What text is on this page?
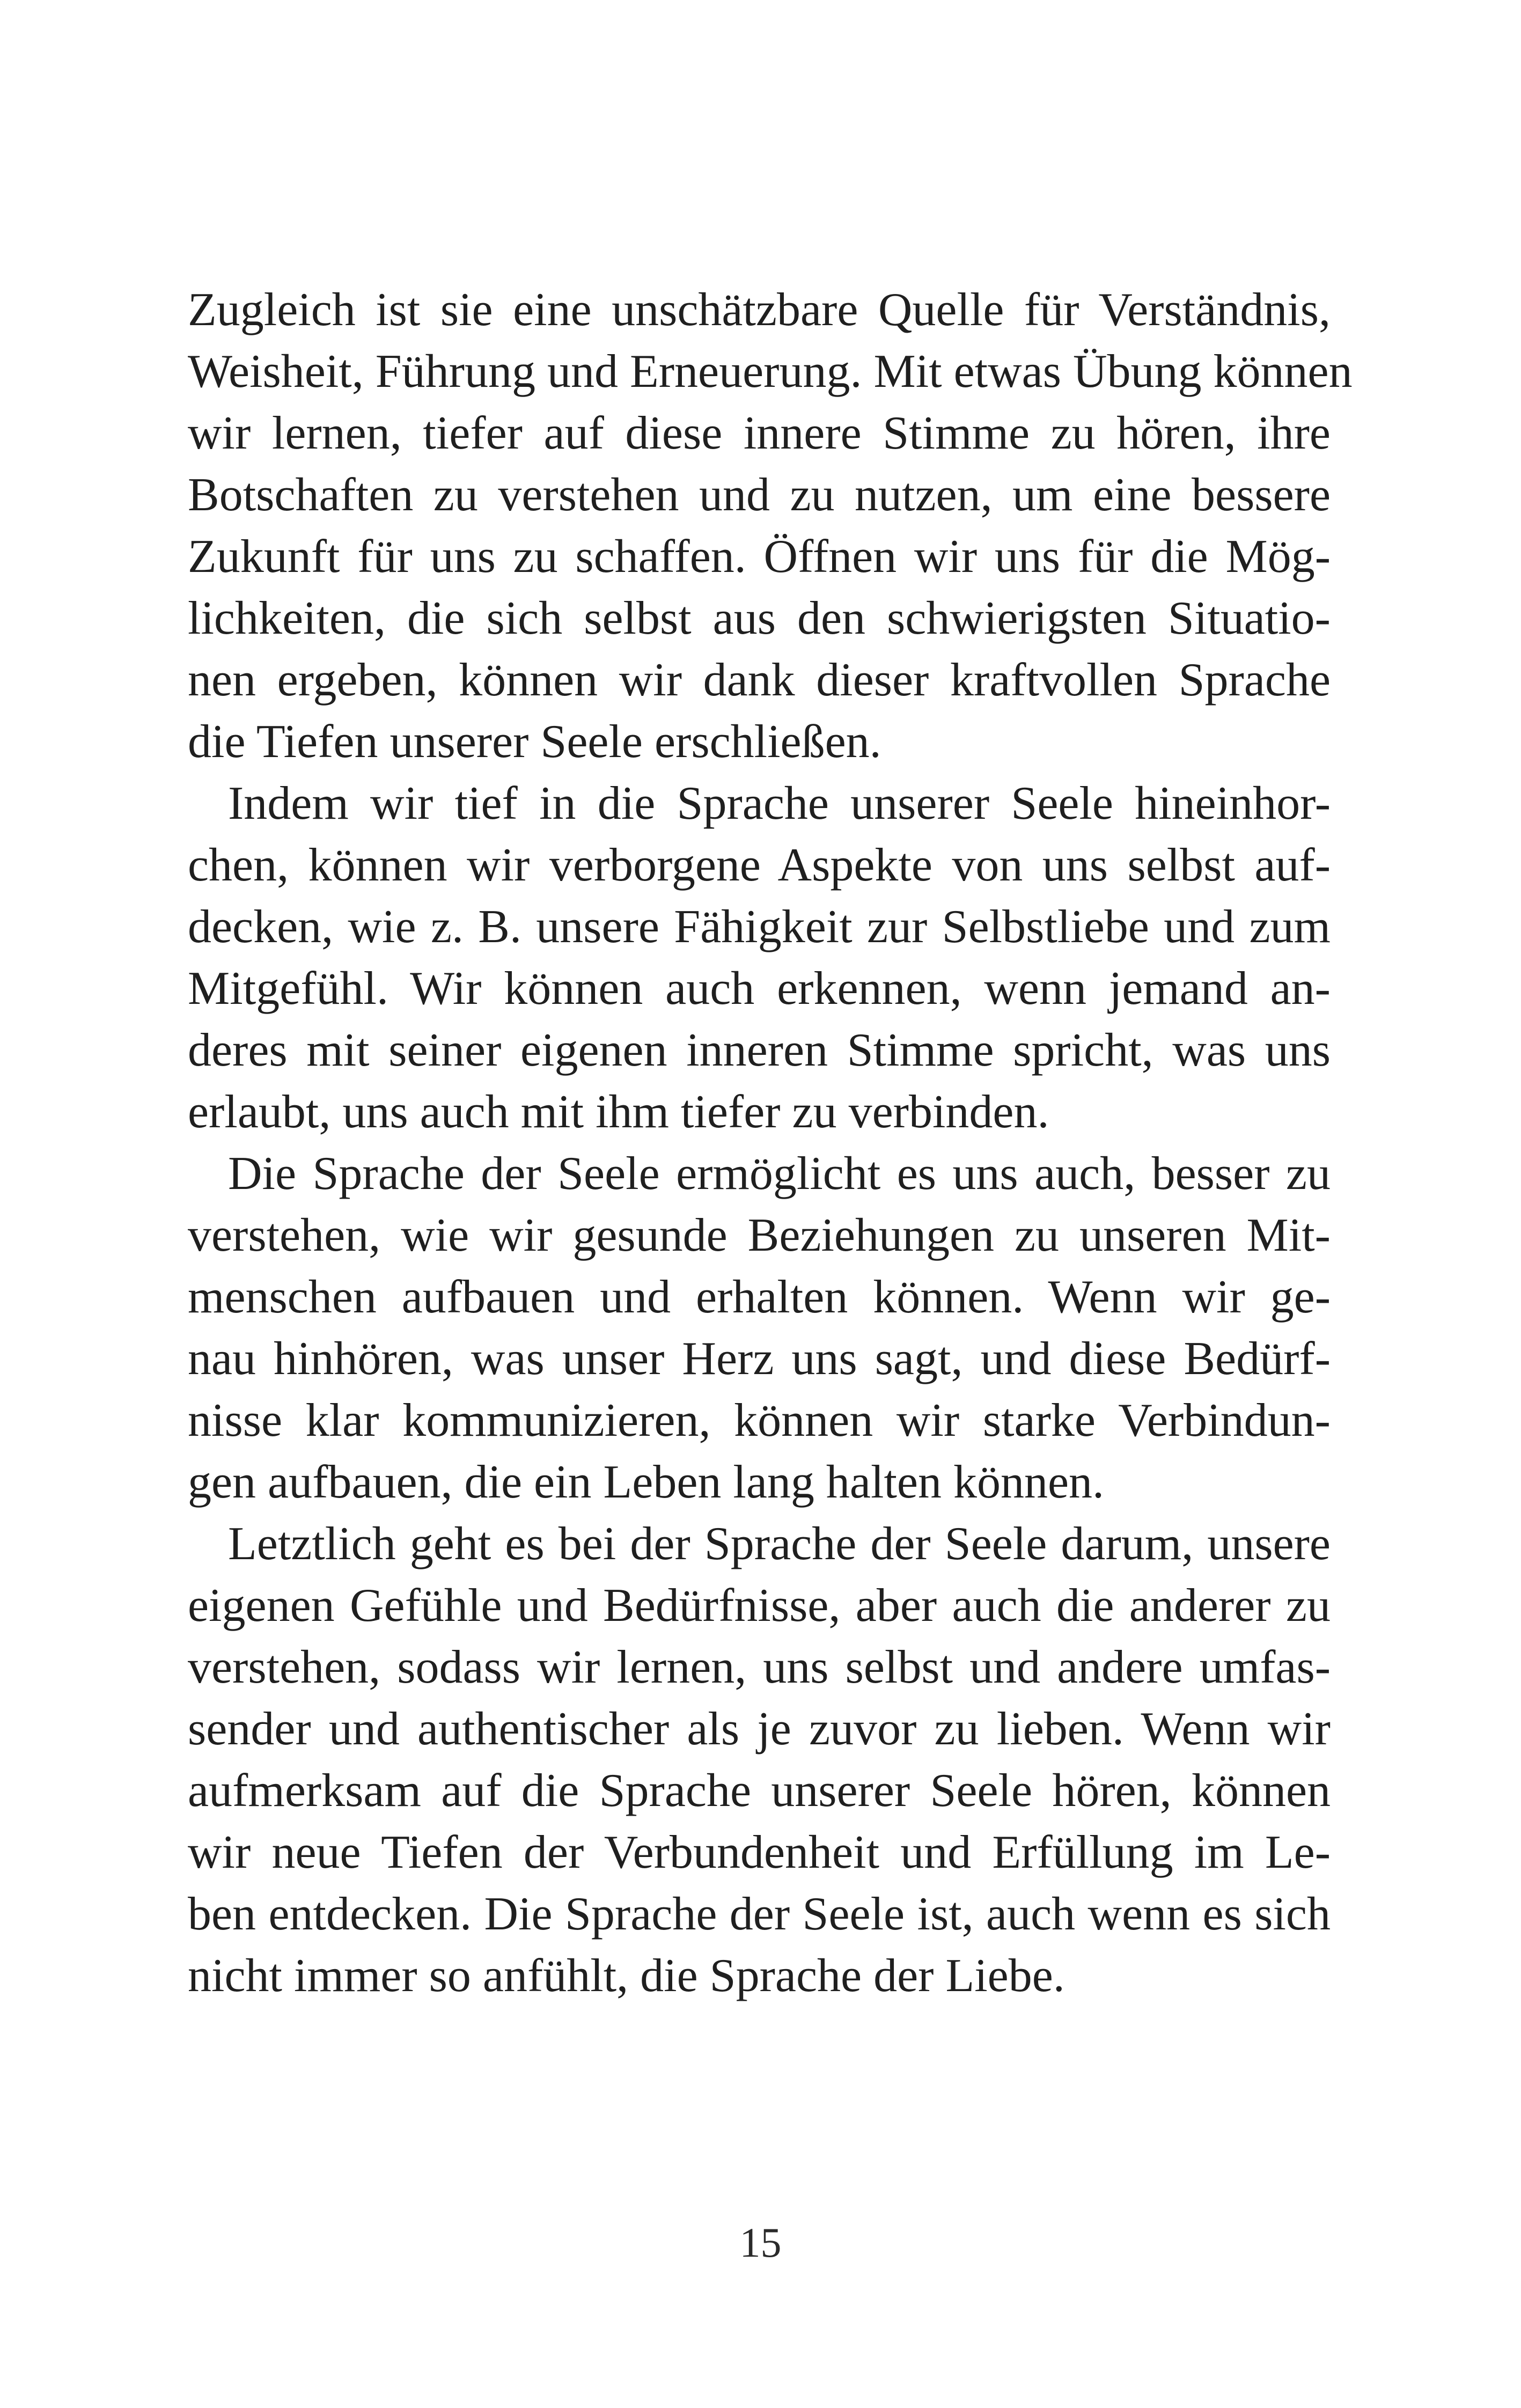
Zugleich ist sie eine unschätzbare Quelle für Verständnis,
Weisheit, Führung und Erneuerung. Mit etwas Übung können
wir lernen, tiefer auf diese innere Stimme zu hören, ihre
Botschaften zu verstehen und zu nutzen, um eine bessere
Zukunft für uns zu schaffen. Öffnen wir uns für die Mög-
lichkeiten, die sich selbst aus den schwierigsten Situatio-
nen ergeben, können wir dank dieser kraftvollen Sprache
die Tiefen unserer Seele erschließen.
Indem wir tief in die Sprache unserer Seele hineinhor-
chen, können wir verborgene Aspekte von uns selbst auf-
decken, wie z. B. unsere Fähigkeit zur Selbstliebe und zum
Mitgefühl. Wir können auch erkennen, wenn jemand an-
deres mit seiner eigenen inneren Stimme spricht, was uns
erlaubt, uns auch mit ihm tiefer zu verbinden.
Die Sprache der Seele ermöglicht es uns auch, besser zu
verstehen, wie wir gesunde Beziehungen zu unseren Mit-
menschen aufbauen und erhalten können. Wenn wir ge-
nau hinhören, was unser Herz uns sagt, und diese Bedürf-
nisse klar kommunizieren, können wir starke Verbindun-
gen aufbauen, die ein Leben lang halten können.
Letztlich geht es bei der Sprache der Seele darum, unsere
eigenen Gefühle und Bedürfnisse, aber auch die anderer zu
verstehen, sodass wir lernen, uns selbst und andere umfas-
sender und authentischer als je zuvor zu lieben. Wenn wir
aufmerksam auf die Sprache unserer Seele hören, können
wir neue Tiefen der Verbundenheit und Erfüllung im Le-
ben entdecken. Die Sprache der Seele ist, auch wenn es sich
nicht immer so anfühlt, die Sprache der Liebe.
15
